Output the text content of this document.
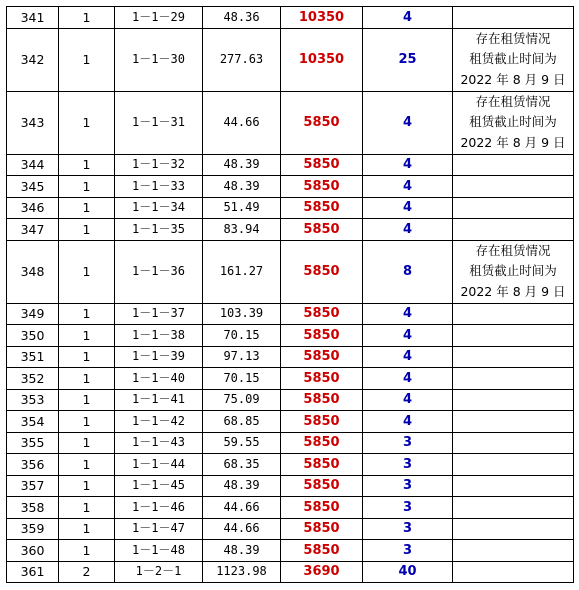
341	1	1－1－29	48.36	10350	4	
342	1	1－1－30	277.63	10350	25	存在租赁情况
租赁截止时间为
2022 年 8 月 9 日

343	1	1－1－31	44.66	5850	4	存在租赁情况
租赁截止时间为
2022 年 8 月 9 日

344	1	1－1－32	48.39	5850	4	
345	1	1－1－33	48.39	5850	4	
346	1	1－1－34	51.49	5850	4	
347	1	1－1－35	83.94	5850	4	
348	1	1－1－36	161.27	5850	8	存在租赁情况
租赁截止时间为
2022 年 8 月 9 日

349	1	1－1－37	103.39	5850	4	
350	1	1－1－38	70.15	5850	4	
351	1	1－1－39	97.13	5850	4	
352	1	1－1－40	70.15	5850	4	
353	1	1－1－41	75.09	5850	4	
354	1	1－1－42	68.85	5850	4	
355	1	1－1－43	59.55	5850	3	
356	1	1－1－44	68.35	5850	3	
357	1	1－1－45	48.39	5850	3	
358	1	1－1－46	44.66	5850	3	
359	1	1－1－47	44.66	5850	3	
360	1	1－1－48	48.39	5850	3	
361	2	1－2－1	1123.98	3690	40	
